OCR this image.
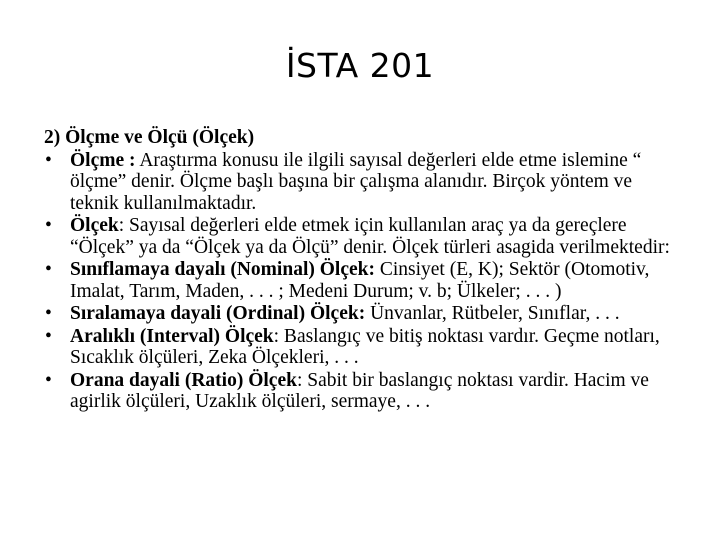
İSTA 201
2) Ölçme ve Ölçü (Ölçek)
• Ölçme : Araştırma konusu ile ilgili sayısal değerleri elde etme islemine “ ölçme” denir. Ölçme başlı başına bir çalışma alanıdır. Birçok yöntem ve teknik kullanılmaktadır.
• Ölçek: Sayısal değerleri elde etmek için kullanılan araç ya da gereçlere “Ölçek” ya da “Ölçek ya da Ölçü” denir. Ölçek türleri asagida verilmektedir:
• Sınıflamaya dayalı (Nominal) Ölçek: Cinsiyet (E, K); Sektör (Otomotiv, Imalat, Tarım, Maden, . . . ; Medeni Durum; v. b; Ülkeler; . . . )
• Sıralamaya dayali (Ordinal) Ölçek: Ünvanlar, Rütbeler, Sınıflar, . . .
• Aralıklı (Interval) Ölçek: Baslangıç ve bitiş noktası vardır. Geçme notları, Sıcaklık ölçüleri, Zeka Ölçekleri, . . .
• Orana dayali (Ratio) Ölçek: Sabit bir baslangıç noktası vardir. Hacim ve agirlik ölçüleri, Uzaklık ölçüleri, sermaye, . . .
